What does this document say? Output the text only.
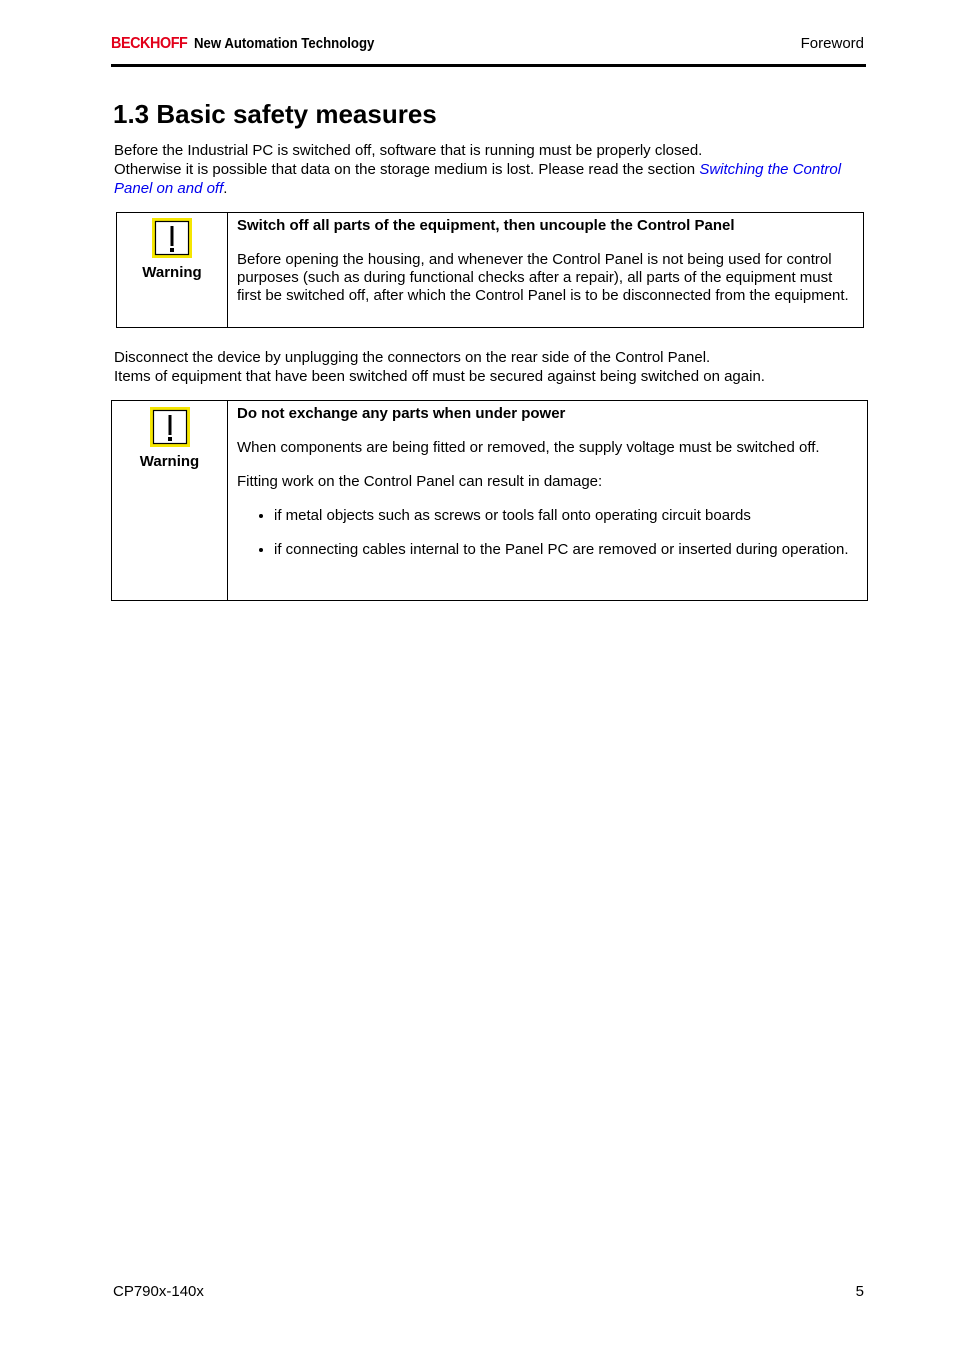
BECKHOFF New Automation Technology	Foreword
1.3 Basic safety measures
Before the Industrial PC is switched off, software that is running must be properly closed.
Otherwise it is possible that data on the storage medium is lost. Please read the section Switching the Control Panel on and off.
Warning

Switch off all parts of the equipment, then uncouple the Control Panel
Before opening the housing, and whenever the Control Panel is not being used for control purposes (such as during functional checks after a repair), all parts of the equipment must first be switched off, after which the Control Panel is to be disconnected from the equipment.
Disconnect the device by unplugging the connectors on the rear side of the Control Panel.
Items of equipment that have been switched off must be secured against being switched on again.
Warning

Do not exchange any parts when under power
When components are being fitted or removed, the supply voltage must be switched off.
Fitting work on the Control Panel can result in damage:
• if metal objects such as screws or tools fall onto operating circuit boards
• if connecting cables internal to the Panel PC are removed or inserted during operation.
CP790x-140x	5
